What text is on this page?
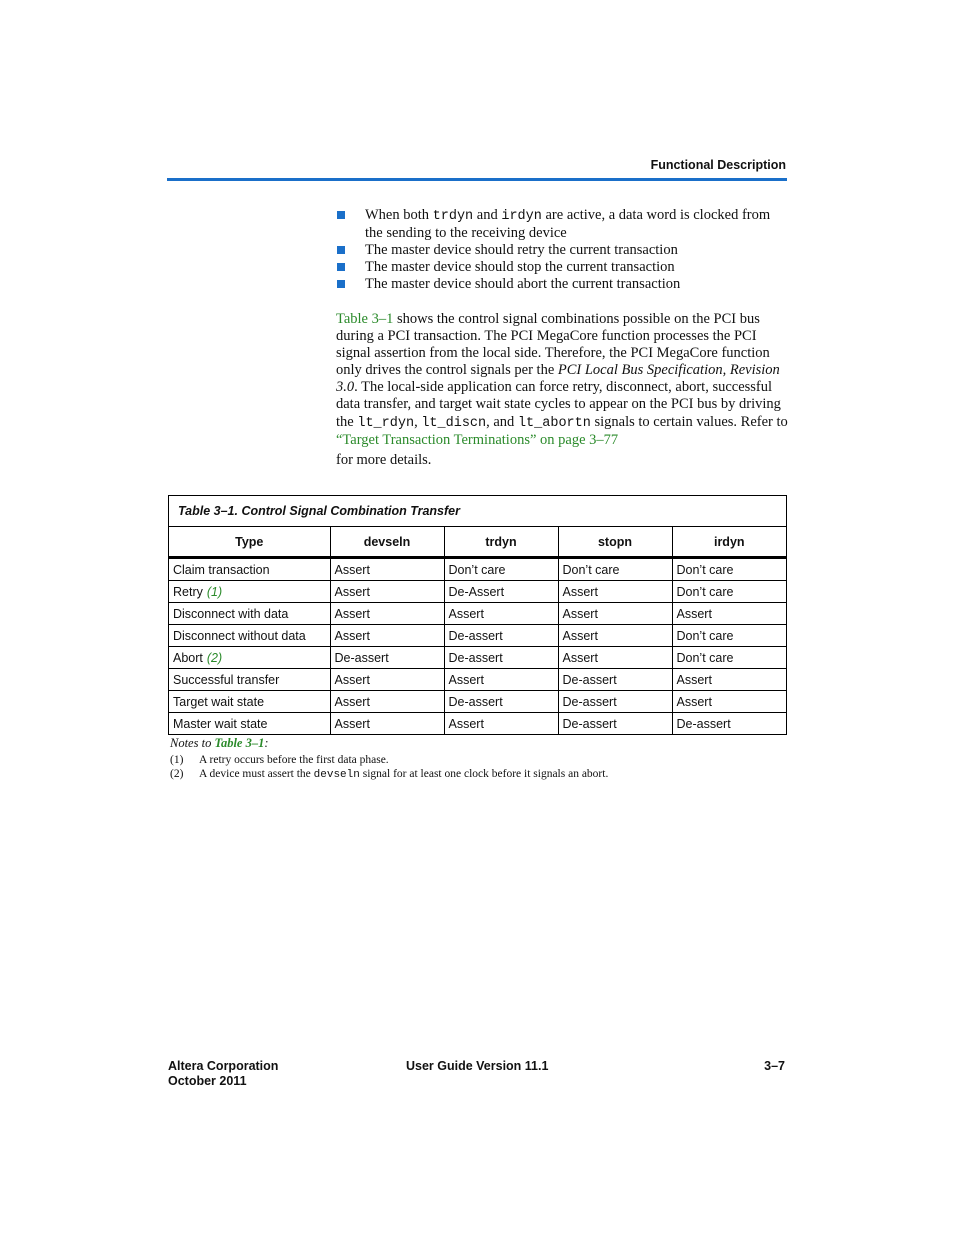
Functional Description
When both trdyn and irdyn are active, a data word is clocked from the sending to the receiving device
The master device should retry the current transaction
The master device should stop the current transaction
The master device should abort the current transaction

Table 3–1 shows the control signal combinations possible on the PCI bus during a PCI transaction. The PCI MegaCore function processes the PCI signal assertion from the local side. Therefore, the PCI MegaCore function only drives the control signals per the PCI Local Bus Specification, Revision 3.0. The local-side application can force retry, disconnect, abort, successful data transfer, and target wait state cycles to appear on the PCI bus by driving the lt_rdyn, lt_discn, and lt_abortn signals to certain values. Refer to “Target Transaction Terminations” on page 3–77
for more details.

Table 3–1. Control Signal Combination Transfer
Type	devseln	trdyn	stopn	irdyn
Claim transaction	Assert	Don’t care	Don’t care	Don’t care
Retry (1)	Assert	De-Assert	Assert	Don’t care
Disconnect with data	Assert	Assert	Assert	Assert
Disconnect without data	Assert	De-assert	Assert	Don’t care
Abort (2)	De-assert	De-assert	Assert	Don’t care
Successful transfer	Assert	Assert	De-assert	Assert
Target wait state	Assert	De-assert	De-assert	Assert
Master wait state	Assert	Assert	De-assert	De-assert
Notes to Table 3–1:
(1) A retry occurs before the first data phase.
(2) A device must assert the devseln signal for at least one clock before it signals an abort.
Altera Corporation
October 2011
User Guide Version 11.1	3–7
